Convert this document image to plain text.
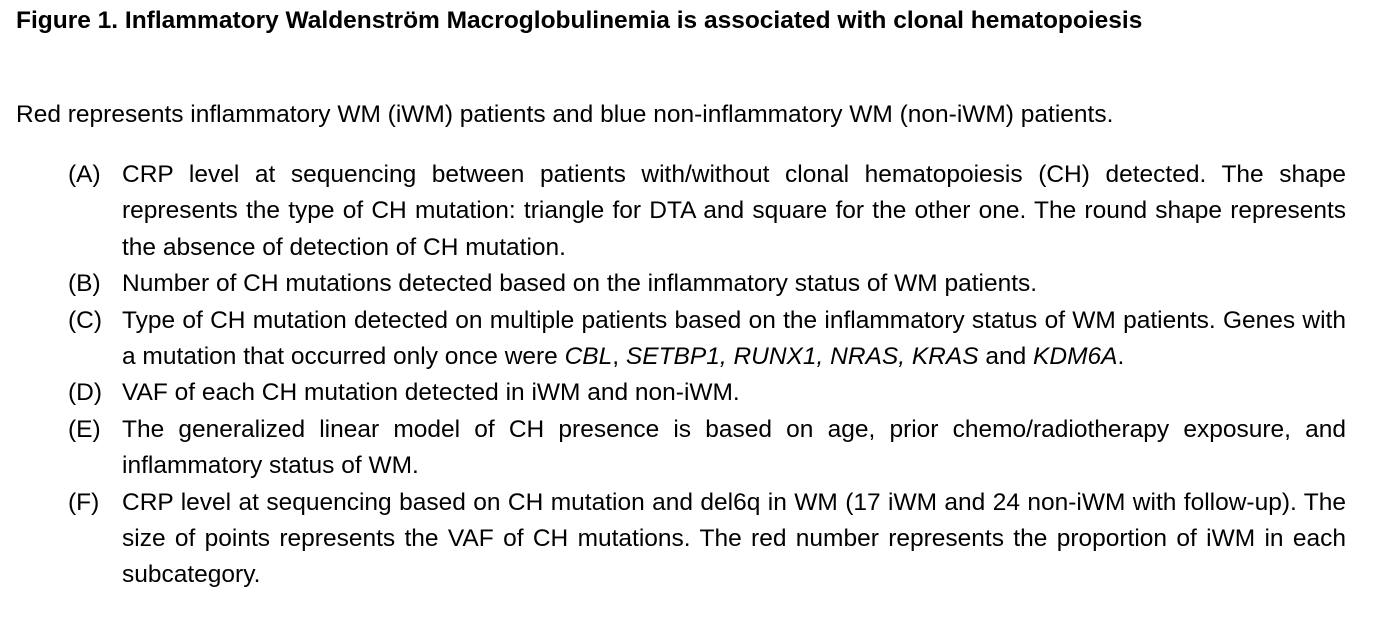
Figure 1. Inflammatory Waldenström Macroglobulinemia is associated with clonal hematopoiesis

Red represents inflammatory WM (iWM) patients and blue non-inflammatory WM (non-iWM) patients.

(A) CRP level at sequencing between patients with/without clonal hematopoiesis (CH) detected. The shape represents the type of CH mutation: triangle for DTA and square for the other one. The round shape represents the absence of detection of CH mutation.
(B) Number of CH mutations detected based on the inflammatory status of WM patients.
(C) Type of CH mutation detected on multiple patients based on the inflammatory status of WM patients. Genes with a mutation that occurred only once were CBL, SETBP1, RUNX1, NRAS, KRAS and KDM6A.
(D) VAF of each CH mutation detected in iWM and non-iWM.
(E) The generalized linear model of CH presence is based on age, prior chemo/radiotherapy exposure, and inflammatory status of WM.
(F) CRP level at sequencing based on CH mutation and del6q in WM (17 iWM and 24 non-iWM with follow-up). The size of points represents the VAF of CH mutations. The red number represents the proportion of iWM in each subcategory.
